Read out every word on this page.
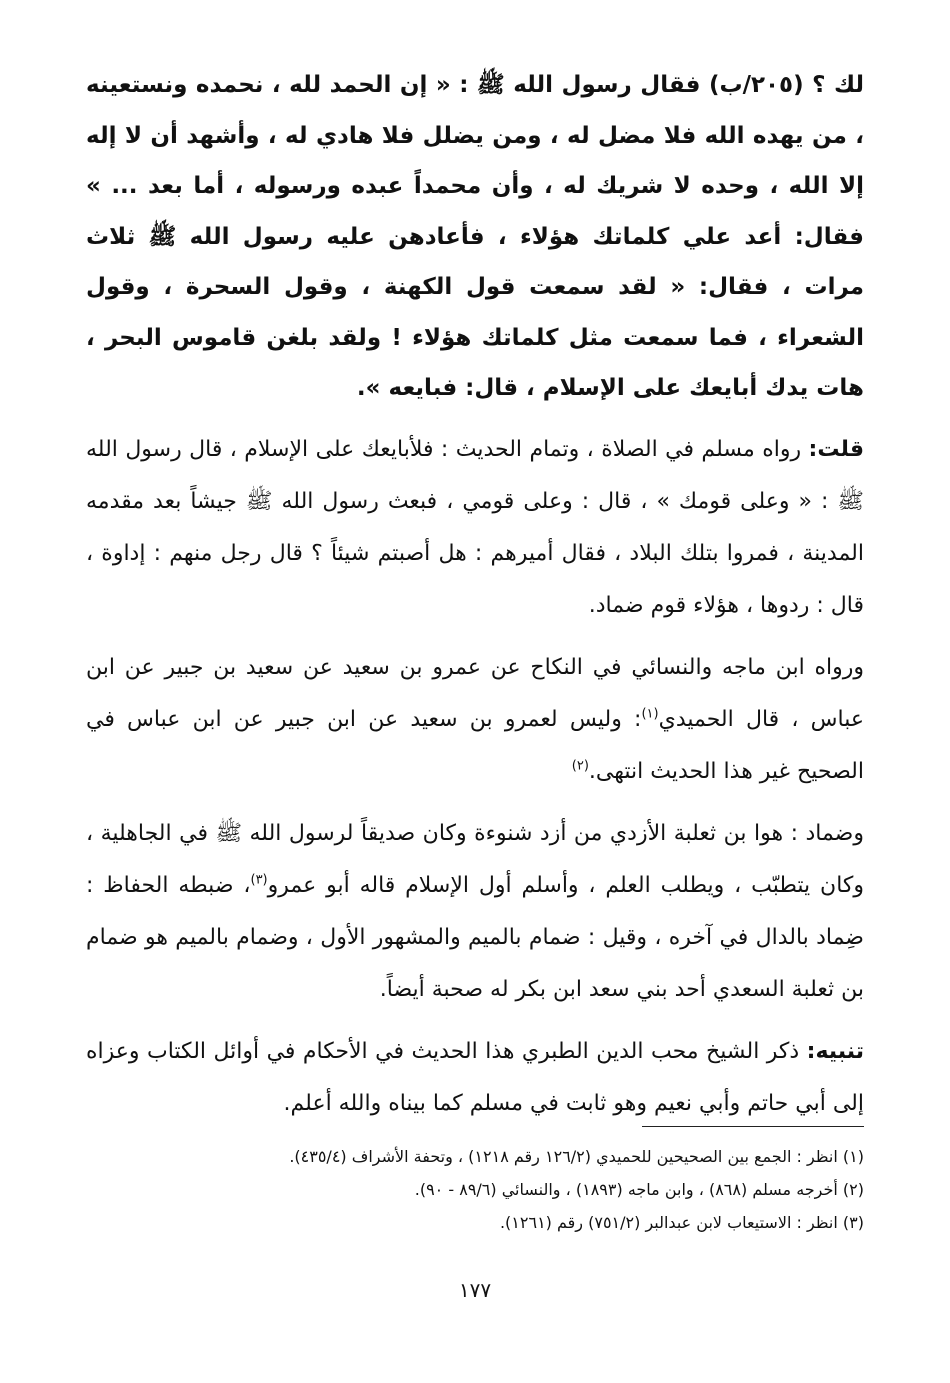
لك ؟ (٢٠٥/ب) فقال رسول الله ﷺ : « إن الحمد لله ، نحمده ونستعينه ، من يهده الله فلا مضل له ، ومن يضلل فلا هادي له ، وأشهد أن لا إله إلا الله ، وحده لا شريك له ، وأن محمداً عبده ورسوله ، أما بعد ... » فقال: أعد علي كلماتك هؤلاء ، فأعادهن عليه رسول الله ﷺ ثلاث مرات ، فقال: « لقد سمعت قول الكهنة ، وقول السحرة ، وقول الشعراء ، فما سمعت مثل كلماتك هؤلاء ! ولقد بلغن قاموس البحر ، هات يدك أبايعك على الإسلام ، قال: فبايعه ».

قلت: رواه مسلم في الصلاة ، وتمام الحديث : فلأبايعك على الإسلام ، قال رسول الله ﷺ : « وعلى قومك » ، قال : وعلى قومي ، فبعث رسول الله ﷺ جيشاً بعد مقدمه المدينة ، فمروا بتلك البلاد ، فقال أميرهم : هل أصبتم شيئاً ؟ قال رجل منهم : إداوة ، قال : ردوها ، هؤلاء قوم ضماد.

ورواه ابن ماجه والنسائي في النكاح عن عمرو بن سعيد عن سعيد بن جبير عن ابن عباس ، قال الحميدي$^{(١)}$: وليس لعمرو بن سعيد عن ابن جبير عن ابن عباس في الصحيح غير هذا الحديث انتهى.$^{(٢)}$

وضماد : هوا بن ثعلبة الأزدي من أزد شنوءة وكان صديقاً لرسول الله ﷺ في الجاهلية ، وكان يتطبّب ، ويطلب العلم ، وأسلم أول الإسلام قاله أبو عمرو$^{(٣)}$، ضبطه الحفاظ : ضِماد بالدال في آخره ، وقيل : ضمام بالميم والمشهور الأول ، وضمام بالميم هو ضمام بن ثعلبة السعدي أحد بني سعد ابن بكر له صحبة أيضاً.

تنبيه: ذكر الشيخ محب الدين الطبري هذا الحديث في الأحكام في أوائل الكتاب وعزاه إلى أبي حاتم وأبي نعيم وهو ثابت في مسلم كما بيناه والله أعلم.

(١) انظر : الجمع بين الصحيحين للحميدي (١٢٦/٢ رقم ١٢١٨) ، وتحفة الأشراف (٤٣٥/٤).

(٢) أخرجه مسلم (٨٦٨) ، وابن ماجه (١٨٩٣) ، والنسائي (٨٩/٦ - ٩٠).

(٣) انظر : الاستيعاب لابن عبدالبر (٧٥١/٢) رقم (١٢٦١).

١٧٧
